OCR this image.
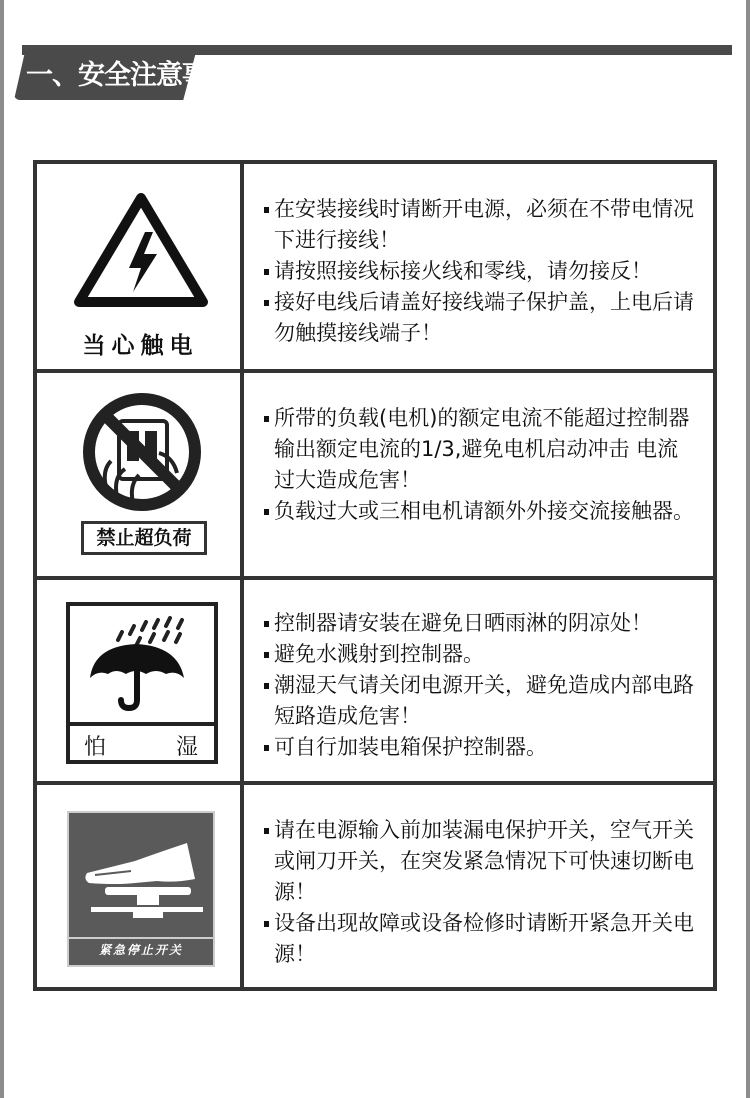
一、安全注意事项
当心触电
在安装接线时请断开电源，必须在不带电情况下进行接线！
请按照接线标接火线和零线，请勿接反！
接好电线后请盖好接线端子保护盖，上电后请勿触摸接线端子！
禁止超负荷
所带的负载(电机)的额定电流不能超过控制器输出额定电流的1/3,避免电机启动冲击 电流过大造成危害！
负载过大或三相电机请额外外接交流接触器。
怕	湿
控制器请安装在避免日晒雨淋的阴凉处！
避免水溅射到控制器。
潮湿天气请关闭电源开关，避免造成内部电路短路造成危害！
可自行加装电箱保护控制器。
紧急停止开关
请在电源输入前加装漏电保护开关，空气开关或闸刀开关，在突发紧急情况下可快速切断电源！
设备出现故障或设备检修时请断开紧急开关电源！
